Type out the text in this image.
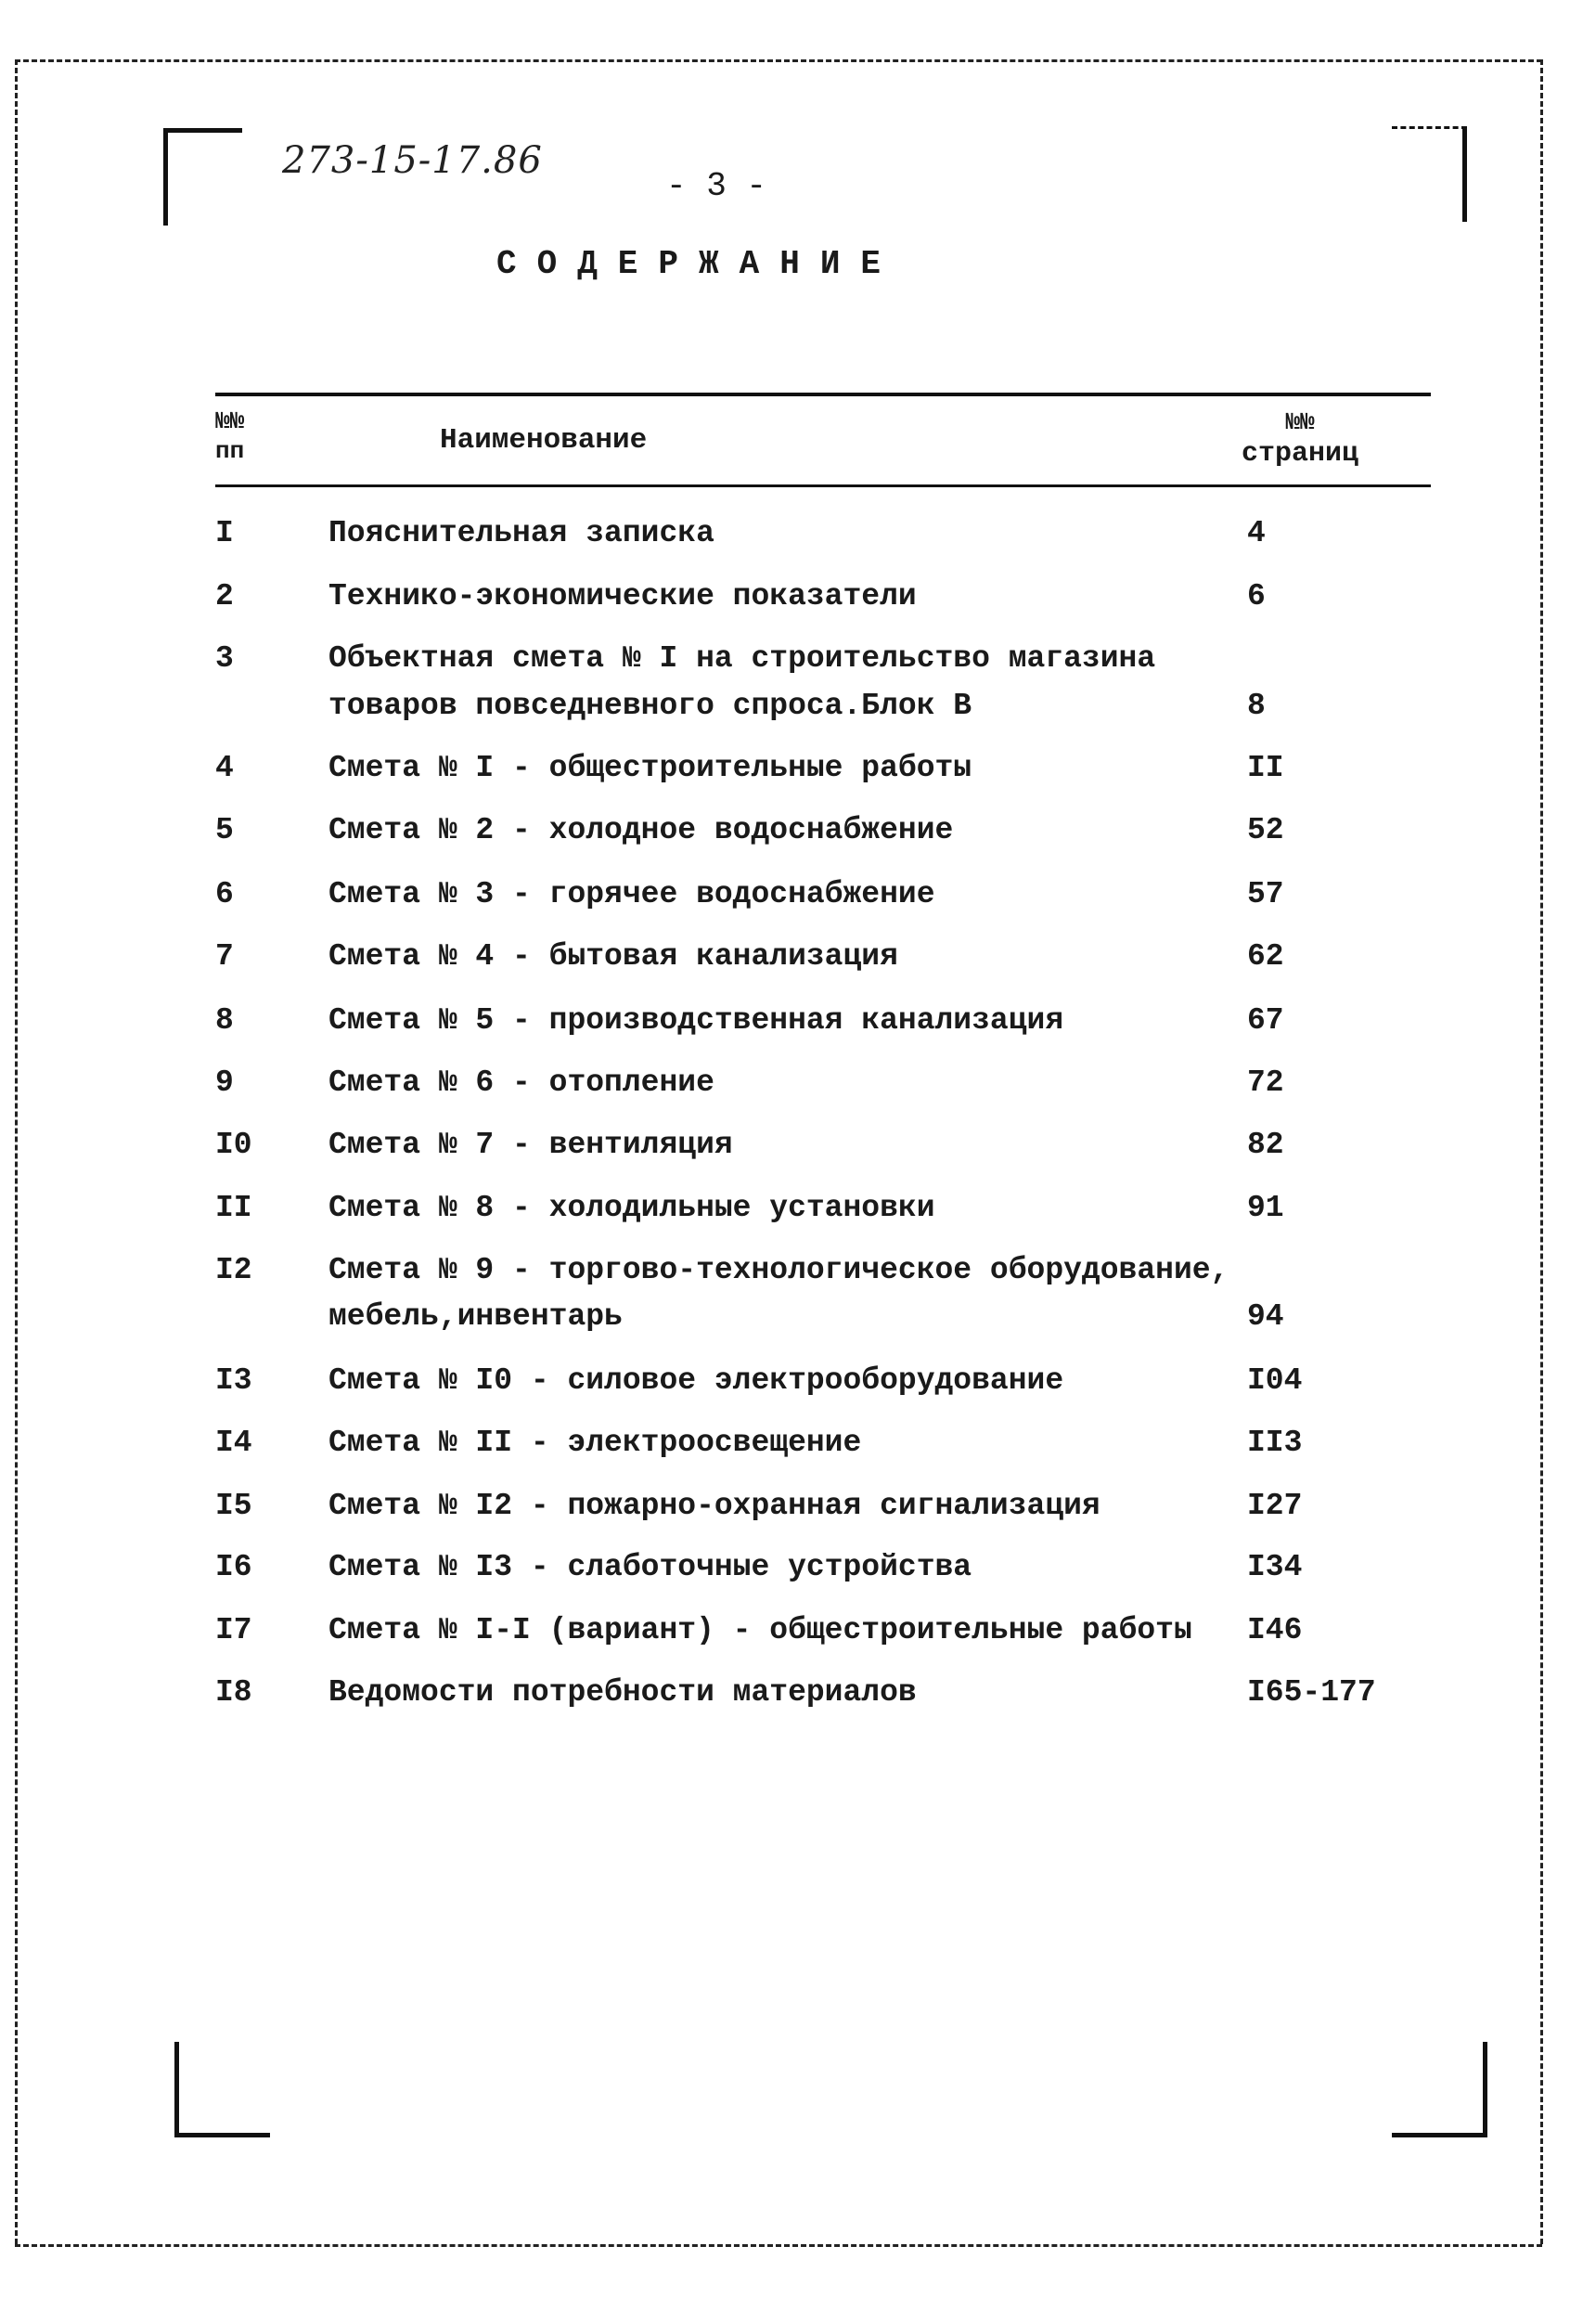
273-15-17.86
- 3 -
СОДЕРЖАНИЕ
№№
пп	Наименование
№№
страниц
I	Пояснительная записка	4
2	Технико-экономические показатели	6
3	Объектная смета № I на строительство магазина
товаров повседневного спроса.Блок В	8
4	Смета № I - общестроительные работы	II
5	Смета № 2 - холодное водоснабжение	52
6	Смета № 3 - горячее водоснабжение	57
7	Смета № 4 - бытовая канализация	62
8	Смета № 5 - производственная канализация	67
9	Смета № 6 - отопление	72
I0 Смета № 7 - вентиляция	82
II Смета № 8 - холодильные установки	91
I2 Смета № 9 - торгово-технологическое оборудование,
мебель,инвентарь	94
I3 Смета № I0 - силовое электрооборудование	I04
I4 Смета № II - электроосвещение	II3
I5 Смета № I2 - пожарно-охранная сигнализация	I27
I6 Смета № I3 - слаботочные устройства	I34
I7 Смета № I-I (вариант) - общестроительные работы I46
I8 Ведомости потребности материалов	I65-177
